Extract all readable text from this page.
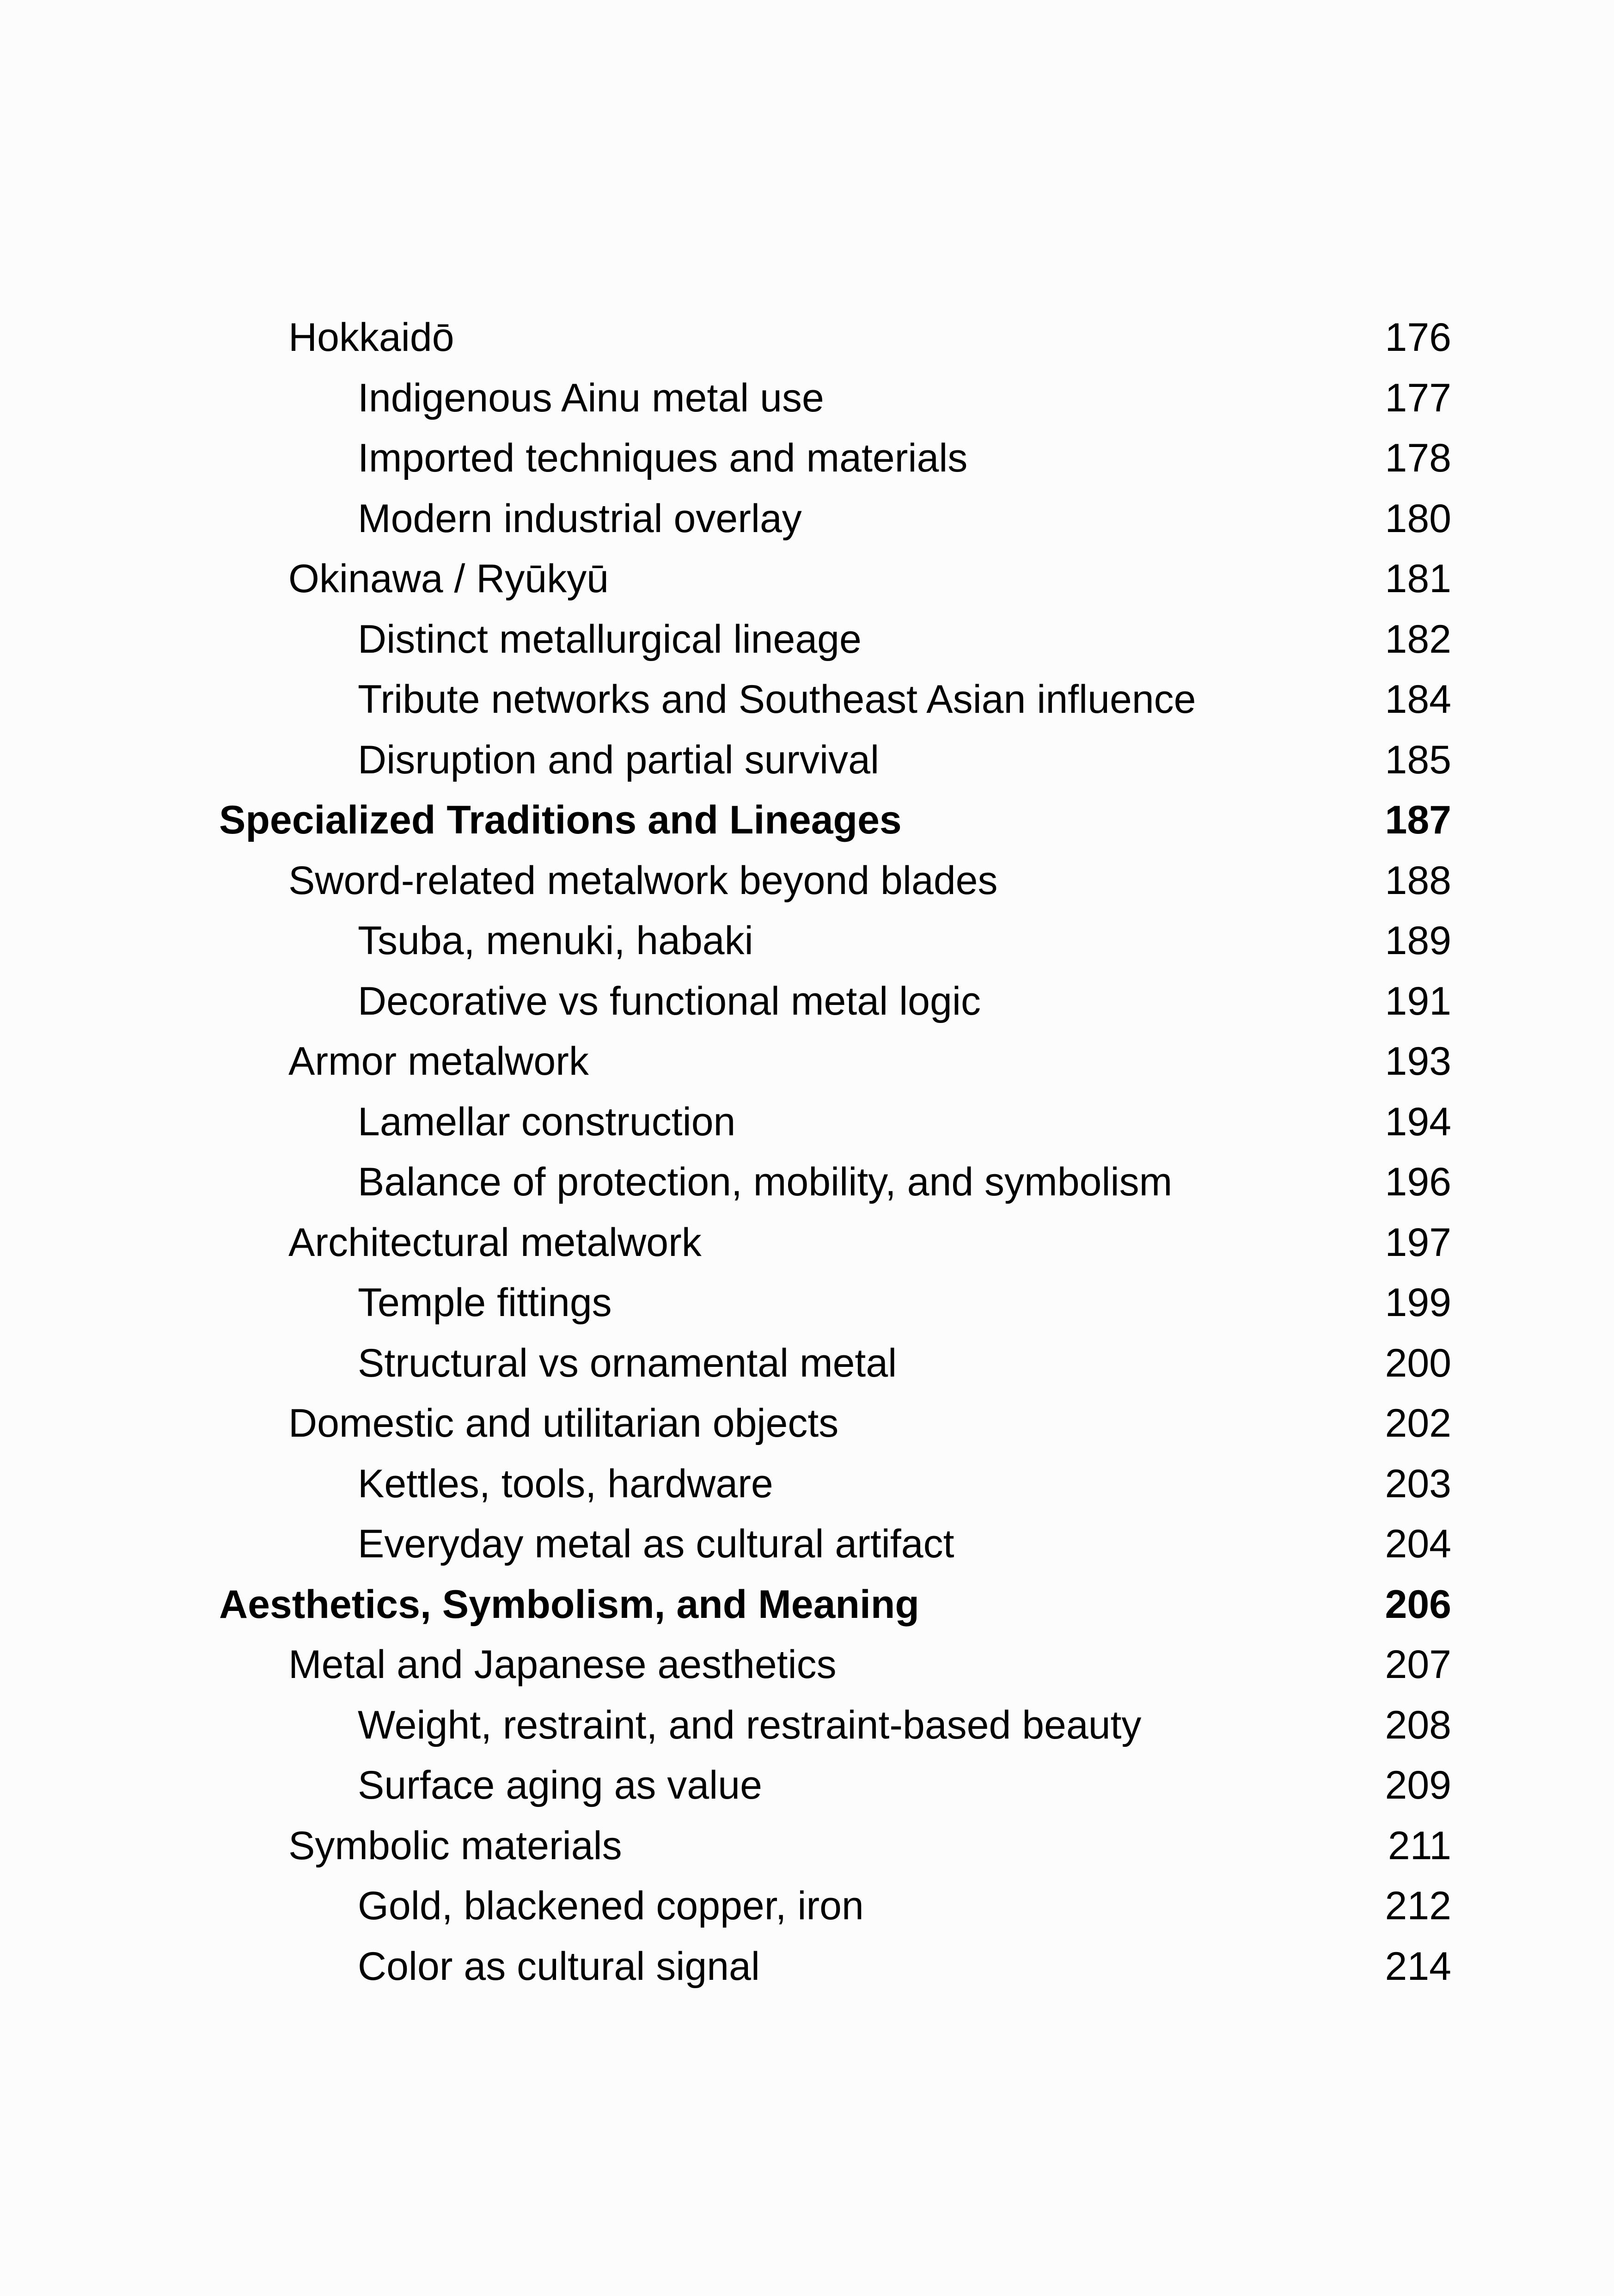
Hokkaidō	176
Indigenous Ainu metal use	177
Imported techniques and materials	178
Modern industrial overlay	180
Okinawa / Ryūkyū	181
Distinct metallurgical lineage	182
Tribute networks and Southeast Asian influence	184
Disruption and partial survival	185
Specialized Traditions and Lineages	187
Sword-related metalwork beyond blades	188
Tsuba, menuki, habaki	189
Decorative vs functional metal logic	191
Armor metalwork	193
Lamellar construction	194
Balance of protection, mobility, and symbolism	196
Architectural metalwork	197
Temple fittings	199
Structural vs ornamental metal	200
Domestic and utilitarian objects	202
Kettles, tools, hardware	203
Everyday metal as cultural artifact	204
Aesthetics, Symbolism, and Meaning	206
Metal and Japanese aesthetics	207
Weight, restraint, and restraint-based beauty	208
Surface aging as value	209
Symbolic materials	211
Gold, blackened copper, iron	212
Color as cultural signal	214
